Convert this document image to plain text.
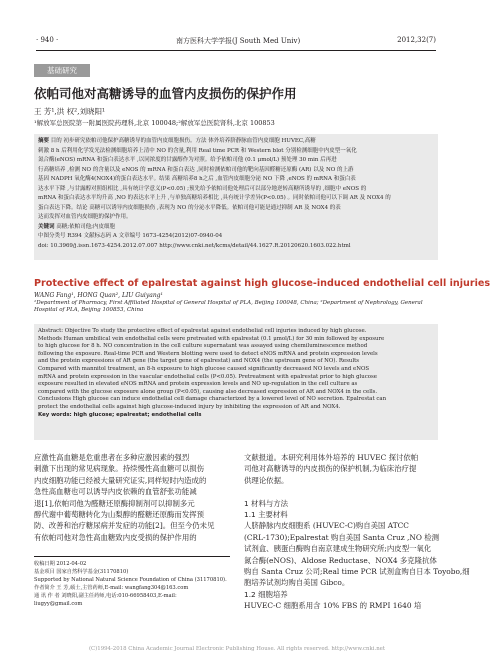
· 940 ·	南方医科大学学报(J South Med Univ)	2012,32(7)
基础研究
依帕司他对高糖诱导的血管内皮损伤的保护作用
王 芳¹,洪 权²,刘晓阳¹
¹解放军总医院第一附属医院药理科,北京 100048;²解放军总医院肾科,北京 100853
摘要 目的 初步研究依帕司他保护高糖诱导的血管内皮细胞损伤。方法 体外培养脐静脉血管内皮细胞 HUVEC,高糖
刺激 8 h 后利用化学发光法检测细胞培养上清中 NO 的含量,利用 Real time PCR 和 Western blot 分别检测细胞中内皮型一氧化
氮合酶(eNOS) mRNA 和蛋白表达水平 ,以同浓度的甘露醇作为对照。给予依帕司他 (0.1 μmol/L) 预处理 30 min 后再进
行高糖培养 ,检测 NO 的含量以及 eNOS 的 mRNA 和蛋白表达 ,同时检测依帕司他的靶向基因醛糖还原酶 (AR) 以及 NO 的上游
基因 NADPH 氧化酶4(NOX4)的蛋白表达水平。结果 高糖培养8 h之后 ,血管内皮细胞分泌 NO 下降 ,eNOS 的 mRNA 和蛋白表
达水平下降 ,与甘露醇对照组相比 ,具有统计学意义(P<0.05) ;预先给予依帕司他处理后可以部分地逆转高糖所诱导的 ,细胞中 eNOS 的
mRNA 和蛋白表达水平均升高 ,NO 的表达水平上升 ,与单独高糖培养相比 ,具有统计学差异(P<0.05) 。同时依帕司他可以下调 AR 及 NOX4 的
蛋白表达下降。结论 高糖可以诱导内皮细胞损伤 ,表现为 NO 的分泌水平降低。依帕司他可能是通过抑制 AR 及 NOX4 的表
达而发挥对血管内皮细胞的保护作用。
关键词 高糖;依帕司他;内皮细胞
中图分类号 R394 文献标志码 A 文章编号 1673-4254(2012)07-0940-04
doi: 10.3969/j.issn.1673-4254.2012.07.007 http://www.cnki.net/kcms/detail/44.1627.R.20120620.1603.022.html
Protective effect of epalrestat against high glucose-induced endothelial cell injuries
WANG Fang¹, HONG Quan², LIU Guiyang¹
¹Department of Pharmacy, First Affiliated Hospital of General Hospital of PLA, Beijing 100048, China; ²Department of Nephrology, General Hospital of PLA, Beijing 100853, China
Abstract: Objective To study the protective effect of epalrestat against endothelial cell injuries induced by high glucose.
Methods Human umbilical vein endothelial cells were pretreated with epalrestat (0.1 μmol/L) for 30 min followed by exposure
to high glucose for 8 h. NO concentration in the cell culture supernatant was assayed using chemiluminescence method
following the exposure. Real-time PCR and Western blotting were used to detect eNOS mRNA and protein expression levels
and the protein expressions of AR gene (the target gene of epalrestat) and NOX4 (the upstream gene of NO). Results
Compared with mannitol treatment, an 8-h exposure to high glucose caused significantly decreased NO levels and eNOS
mRNA and protein expression in the vascular endothelial cells (P<0.05). Pretreatment with epalrestat prior to high glucose
exposure resulted in elevated eNOS mRNA and protein expression levels and NO up-regulation in the cell culture as
compared with the glucose exposure alone group (P<0.05), causing also decreased expression of AR and NOX4 in the cells.
Conclusions High glucose can induce endothelial cell damage characterized by a lowered level of NO secretion. Epalrestat can
protect the endothelial cells against high glucose-induced injury by inhibiting the expression of AR and NOX4.
Key words: high glucose; epalrestat; endothelial cells
应激性高血糖是危重患者在多种应激因素的强烈
刺激下出现的常见病现象。持续慢性高血糖可以损伤
内皮细胞功能已经被大量研究证实,同样短时内造成的
急性高血糖也可以诱导内皮依赖的血管舒张功能减
退[1],依帕司他为醛糖还原酶抑制剂可以抑制多元
醇代谢中葡萄糖转化为山梨醇的醛糖还原酶而发挥预
防、改善和治疗糖尿病并发症的功能[2]。但至今仍未见
有依帕司他对急性高血糖致内皮受损的保护作用的
收稿日期 2012-04-02
基金项目 国家自然科学基金(31170810)
Supported by National Natural Science Foundation of China (31170810).
作者简介 王 芳,硕士,主管药师,E-mail: wangfang304@163.com
通 讯 作 者 刘晓阳,副主任药师,电话:010-66958403,E-mail:
liugyy@gmail.com
文献报道。本研究利用体外培养的 HUVEC 探讨依帕
司他对高糖诱导的内皮损伤的保护机制,为临床治疗提
供理论依据。

1 材料与方法
1.1 主要材料
人脐静脉内皮细胞系 (HUVEC-C)购自美国 ATCC
(CRL-1730);Epalrestat 购自美国 Santa Cruz ,NO 检测
试剂盒、胰蛋白酶购自南京建成生物研究所;内皮型一氧化
氮合酶(eNOS)、Aldose Reductase、NOX4 多克隆抗体
购自 Santa Cruz 公司;Real time PCR 试剂盒购自日本 Toyobo,细
胞培养试剂均购自美国 Gibco。
1.2 细胞培养
HUVEC-C 细胞系用含 10% FBS 的 RMPI 1640 培
(C)1994-2018 China Academic Journal Electronic Publishing House. All rights reserved. http://www.cnki.net
